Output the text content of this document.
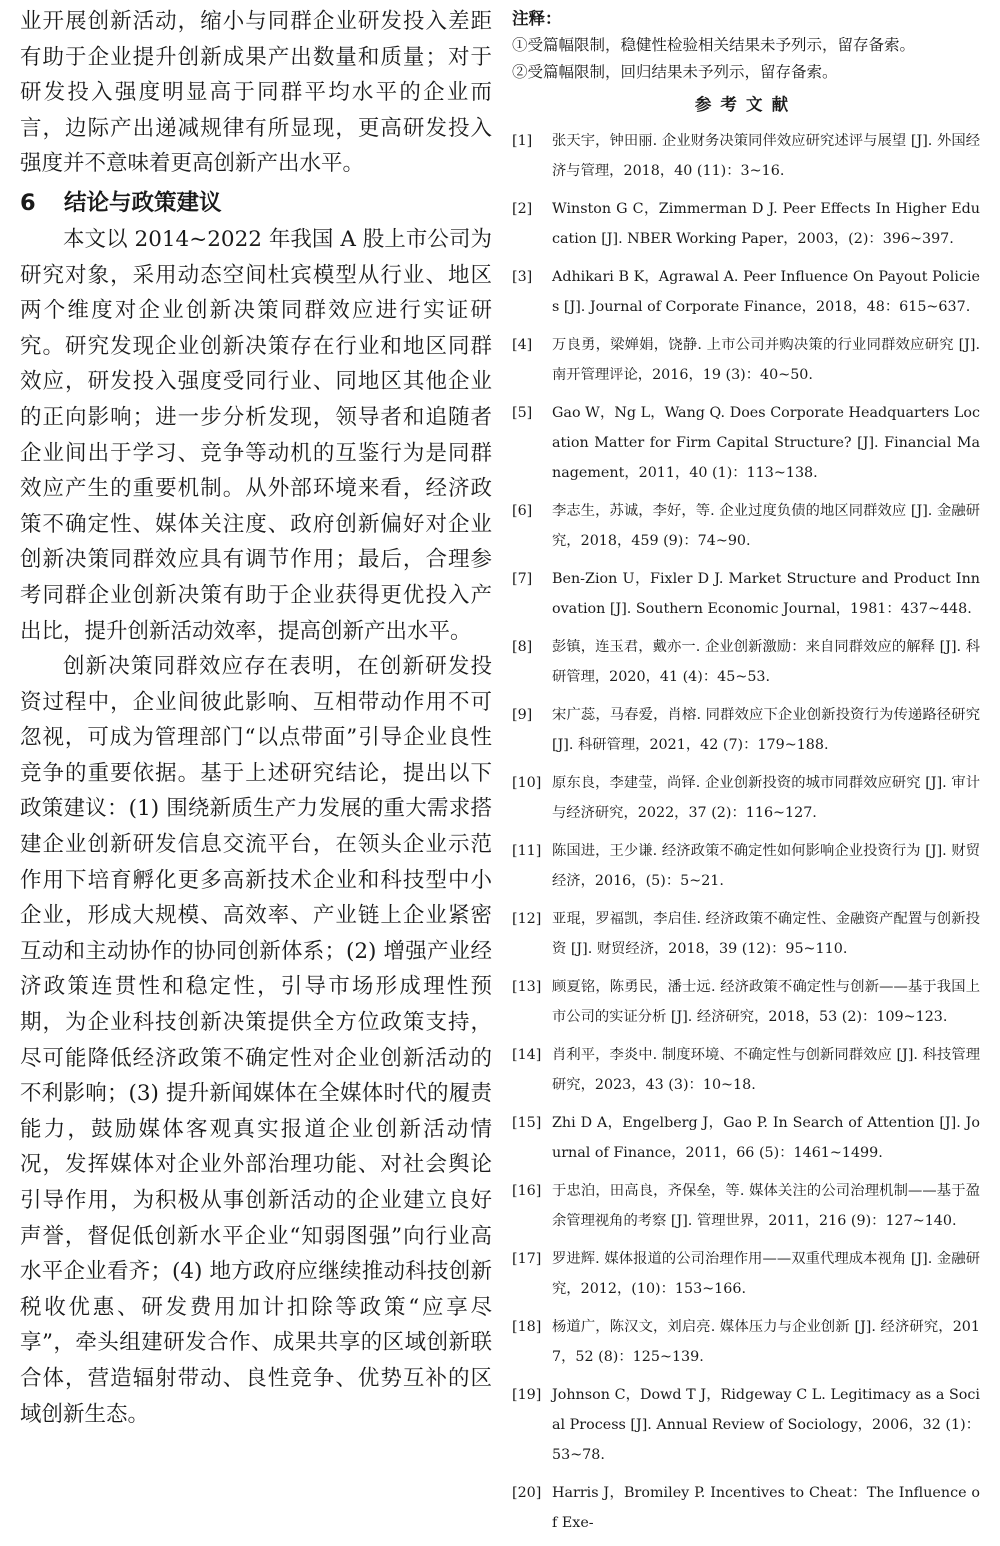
业开展创新活动，缩小与同群企业研发投入差距有助于企业提升创新成果产出数量和质量；对于研发投入强度明显高于同群平均水平的企业而言，边际产出递减规律有所显现，更高研发投入强度并不意味着更高创新产出水平。

6 结论与政策建议

本文以 2014~2022 年我国 A 股上市公司为研究对象，采用动态空间杜宾模型从行业、地区两个维度对企业创新决策同群效应进行实证研究。研究发现企业创新决策存在行业和地区同群效应，研发投入强度受同行业、同地区其他企业的正向影响；进一步分析发现，领导者和追随者企业间出于学习、竞争等动机的互鉴行为是同群效应产生的重要机制。从外部环境来看，经济政策不确定性、媒体关注度、政府创新偏好对企业创新决策同群效应具有调节作用；最后，合理参考同群企业创新决策有助于企业获得更优投入产出比，提升创新活动效率，提高创新产出水平。

创新决策同群效应存在表明，在创新研发投资过程中，企业间彼此影响、互相带动作用不可忽视，可成为管理部门“以点带面”引导企业良性竞争的重要依据。基于上述研究结论，提出以下政策建议：(1) 围绕新质生产力发展的重大需求搭建企业创新研发信息交流平台，在领头企业示范作用下培育孵化更多高新技术企业和科技型中小企业，形成大规模、高效率、产业链上企业紧密互动和主动协作的协同创新体系；(2) 增强产业经济政策连贯性和稳定性，引导市场形成理性预期，为企业科技创新决策提供全方位政策支持，尽可能降低经济政策不确定性对企业创新活动的不利影响；(3) 提升新闻媒体在全媒体时代的履责能力，鼓励媒体客观真实报道企业创新活动情况，发挥媒体对企业外部治理功能、对社会舆论引导作用，为积极从事创新活动的企业建立良好声誉，督促低创新水平企业“知弱图强”向行业高水平企业看齐；(4) 地方政府应继续推动科技创新税收优惠、研发费用加计扣除等政策“应享尽享”，牵头组建研发合作、成果共享的区域创新联合体，营造辐射带动、良性竞争、优势互补的区域创新生态。

注释：

①受篇幅限制，稳健性检验相关结果未予列示，留存备索。

②受篇幅限制，回归结果未予列示，留存备索。

参考文献
[1]	张天宇，钟田丽. 企业财务决策同伴效应研究述评与展望 [J]. 外国经济与管理，2018，40 (11)：3~16.
[2]	Winston G C，Zimmerman D J. Peer Effects In Higher Education [J]. NBER Working Paper，2003，(2)：396~397.
[3]	Adhikari B K，Agrawal A. Peer Influence On Payout Policies [J]. Journal of Corporate Finance，2018，48：615~637.
[4]	万良勇，梁婵娟，饶静. 上市公司并购决策的行业同群效应研究 [J]. 南开管理评论，2016，19 (3)：40~50.
[5]	Gao W，Ng L，Wang Q. Does Corporate Headquarters Location Matter for Firm Capital Structure? [J]. Financial Management，2011，40 (1)：113~138.
[6]	李志生，苏诚，李好，等. 企业过度负债的地区同群效应 [J]. 金融研究，2018，459 (9)：74~90.
[7]	Ben-Zion U，Fixler D J. Market Structure and Product Innovation [J]. Southern Economic Journal，1981：437~448.
[8]	彭镇，连玉君，戴亦一. 企业创新激励：来自同群效应的解释 [J]. 科研管理，2020，41 (4)：45~53.
[9]	宋广蕊，马春爱，肖榕. 同群效应下企业创新投资行为传递路径研究 [J]. 科研管理，2021，42 (7)：179~188.
[10] 原东良，李建莹，尚铎. 企业创新投资的城市同群效应研究 [J]. 审计与经济研究，2022，37 (2)：116~127.
[11] 陈国进，王少谦. 经济政策不确定性如何影响企业投资行为 [J]. 财贸经济，2016，(5)：5~21.
[12] 亚琨，罗福凯，李启佳. 经济政策不确定性、金融资产配置与创新投资 [J]. 财贸经济，2018，39 (12)：95~110.
[13] 顾夏铭，陈勇民，潘士远. 经济政策不确定性与创新——基于我国上市公司的实证分析 [J]. 经济研究，2018，53 (2)：109~123.
[14] 肖利平，李炎中. 制度环境、不确定性与创新同群效应 [J]. 科技管理研究，2023，43 (3)：10~18.
[15] Zhi D A，Engelberg J，Gao P. In Search of Attention [J]. Journal of Finance，2011，66 (5)：1461~1499.
[16] 于忠泊，田高良，齐保垒，等. 媒体关注的公司治理机制——基于盈余管理视角的考察 [J]. 管理世界，2011，216 (9)：127~140.
[17] 罗进辉. 媒体报道的公司治理作用——双重代理成本视角 [J]. 金融研究，2012，(10)：153~166.
[18] 杨道广，陈汉文，刘启亮. 媒体压力与企业创新 [J]. 经济研究，2017，52 (8)：125~139.
[19] Johnson C，Dowd T J，Ridgeway C L. Legitimacy as a Social Process [J]. Annual Review of Sociology，2006，32 (1)：53~78.
[20] Harris J，Bromiley P. Incentives to Cheat：The Influence of Exe-
